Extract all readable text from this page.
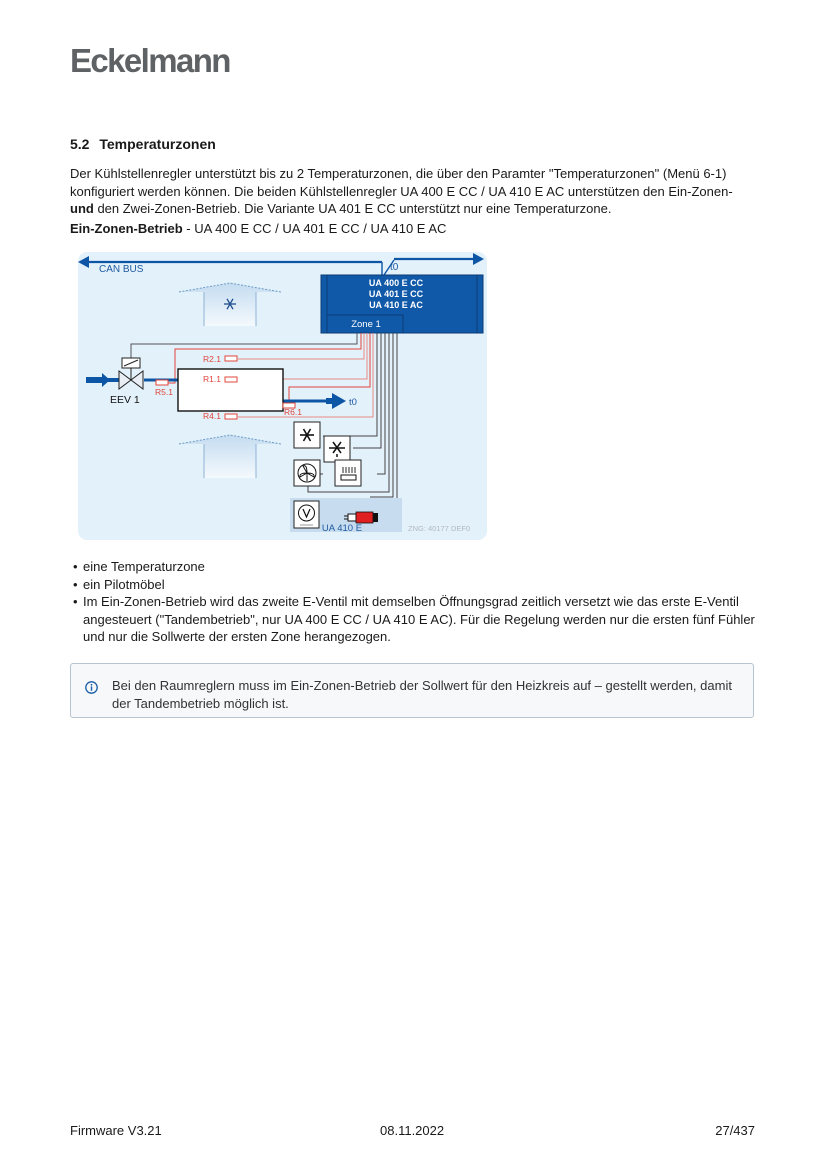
Eckelmann
5.2 Temperaturzonen
Der Kühlstellenregler unterstützt bis zu 2 Temperaturzonen, die über den Paramter "Temperaturzonen" (Menü 6-1) konfiguriert werden können. Die beiden Kühlstellenregler UA 400 E CC / UA 410 E AC unterstützen den Ein-Zonen- und den Zwei-Zonen-Betrieb. Die Variante UA 401 E CC unterstützt nur eine Temperaturzone.
Ein-Zonen-Betrieb - UA 400 E CC / UA 401 E CC / UA 410 E AC
CAN BUS	t0
UA 400 E CC
UA 401 E CC
UA 410 E AC
Zone 1
t0
EEV 1
R2.1
R1.1
R5.1
R4.1	R6.1
UA 410 E	ZNG: 40177 DEF0
• eine Temperaturzone
• ein Pilotmöbel
• Im Ein-Zonen-Betrieb wird das zweite E-Ventil mit demselben Öffnungsgrad zeitlich versetzt wie das erste E-Ventil angesteuert ("Tandembetrieb", nur UA 400 E CC / UA 410 E AC). Für die Regelung werden nur die ersten fünf Fühler und nur die Sollwerte der ersten Zone herangezogen.
Bei den Raumreglern muss im Ein-Zonen-Betrieb der Sollwert für den Heizkreis auf – gestellt werden, damit der Tandembetrieb möglich ist.
Firmware V3.21	08.11.2022	27/437
